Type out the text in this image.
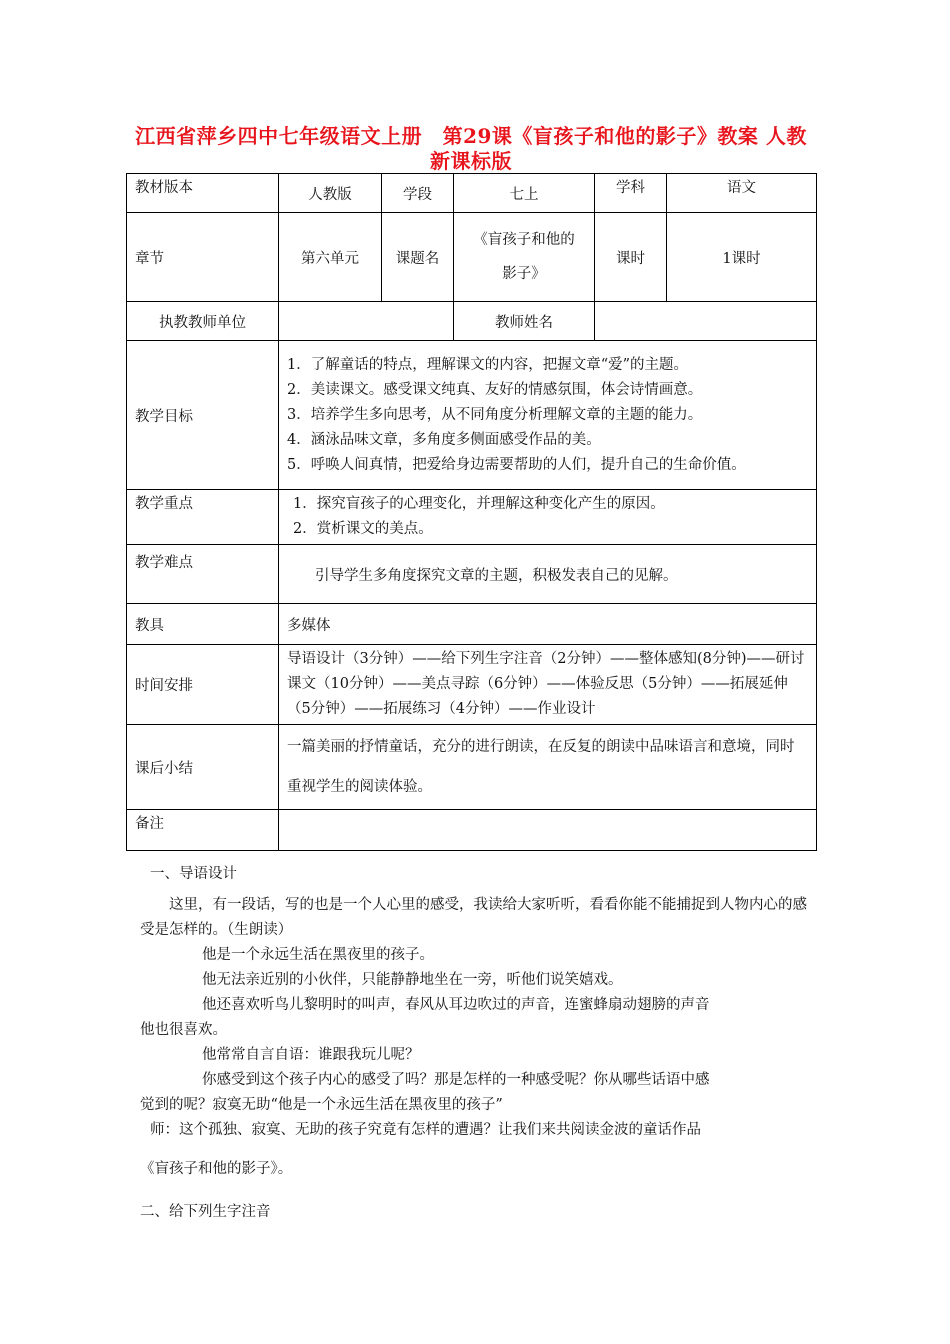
江西省萍乡四中七年级语文上册　第29课《盲孩子和他的影子》教案 人教新课标版
教材版本	人教版	学段	七上	学科	语文
章节	第六单元	课题名	《盲孩子和他的影子》	课时	1课时
执教教师单位			教师姓名		
教学目标	1．了解童话的特点，理解课文的内容，把握文章“爱”的主题。
2．美读课文。感受课文纯真、友好的情感氛围，体会诗情画意。
3．培养学生多向思考，从不同角度分析理解文章的主题的能力。
4．涵泳品味文章，多角度多侧面感受作品的美。
5．呼唤人间真情，把爱给身边需要帮助的人们，提升自己的生命价值。				

教学重点	1．探究盲孩子的心理变化，并理解这种变化产生的原因。
2．赏析课文的美点。				

教学难点	引导学生多角度探究文章的主题，积极发表自己的见解。				
教具	多媒体				
时间安排	导语设计（3分钟）——给下列生字注音（2分钟）——整体感知(8分钟)——研讨课文（10分钟）——美点寻踪（6分钟）——体验反思（5分钟）——拓展延伸（5分钟）——拓展练习（4分钟）——作业设计				
课后小结	一篇美丽的抒情童话，充分的进行朗读，在反复的朗读中品味语言和意境，同时重视学生的阅读体验。				
备注					

一、导语设计

这里，有一段话，写的也是一个人心里的感受，我读给大家听听，看看你能不能捕捉到人物内心的感受是怎样的。（生朗读）

他是一个永远生活在黑夜里的孩子。

他无法亲近别的小伙伴，只能静静地坐在一旁，听他们说笑嬉戏。

他还喜欢听鸟儿黎明时的叫声，春风从耳边吹过的声音，连蜜蜂扇动翅膀的声音

他也很喜欢。

他常常自言自语：谁跟我玩儿呢？

你感受到这个孩子内心的感受了吗？那是怎样的一种感受呢？你从哪些话语中感

觉到的呢？寂寞无助“他是一个永远生活在黑夜里的孩子”

师：这个孤独、寂寞、无助的孩子究竟有怎样的遭遇？让我们来共阅读金波的童话作品

《盲孩子和他的影子》。

二、给下列生字注音
